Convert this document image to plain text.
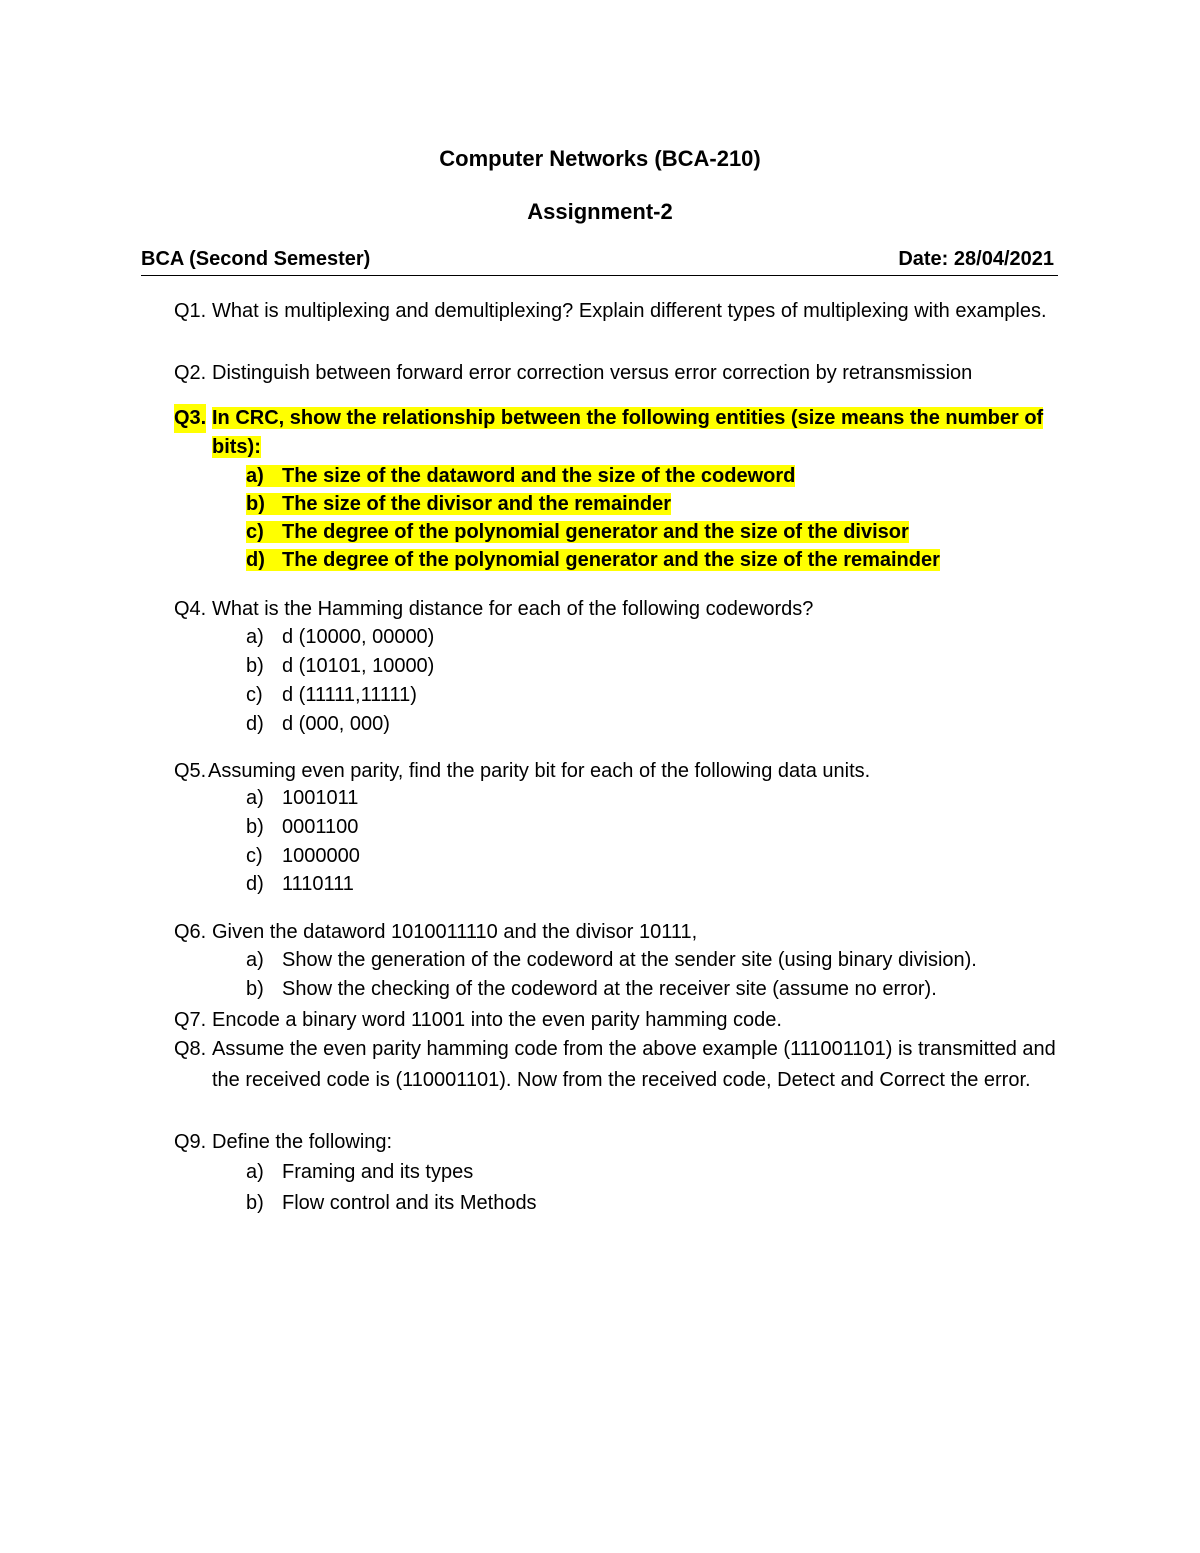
Computer Networks (BCA-210)
Assignment-2
BCA (Second Semester)	Date: 28/04/2021
Q1. What is multiplexing and demultiplexing? Explain different types of multiplexing with examples.
Q2. Distinguish between forward error correction versus error correction by retransmission
Q3. In CRC, show the relationship between the following entities (size means the number of bits):
a) The size of the dataword and the size of the codeword
b) The size of the divisor and the remainder
c) The degree of the polynomial generator and the size of the divisor
d) The degree of the polynomial generator and the size of the remainder
Q4. What is the Hamming distance for each of the following codewords?
a) d (10000, 00000)
b) d (10101, 10000)
c) d (11111,11111)
d) d (000, 000)
Q5. Assuming even parity, find the parity bit for each of the following data units.
a) 1001011
b) 0001100
c) 1000000
d) 1110111
Q6. Given the dataword 1010011110 and the divisor 10111,
a) Show the generation of the codeword at the sender site (using binary division).
b) Show the checking of the codeword at the receiver site (assume no error).
Q7. Encode a binary word 11001 into the even parity hamming code.
Q8. Assume the even parity hamming code from the above example (111001101) is transmitted and the received code is (110001101). Now from the received code, Detect and Correct the error.
Q9. Define the following:
a) Framing and its types
b) Flow control and its Methods
